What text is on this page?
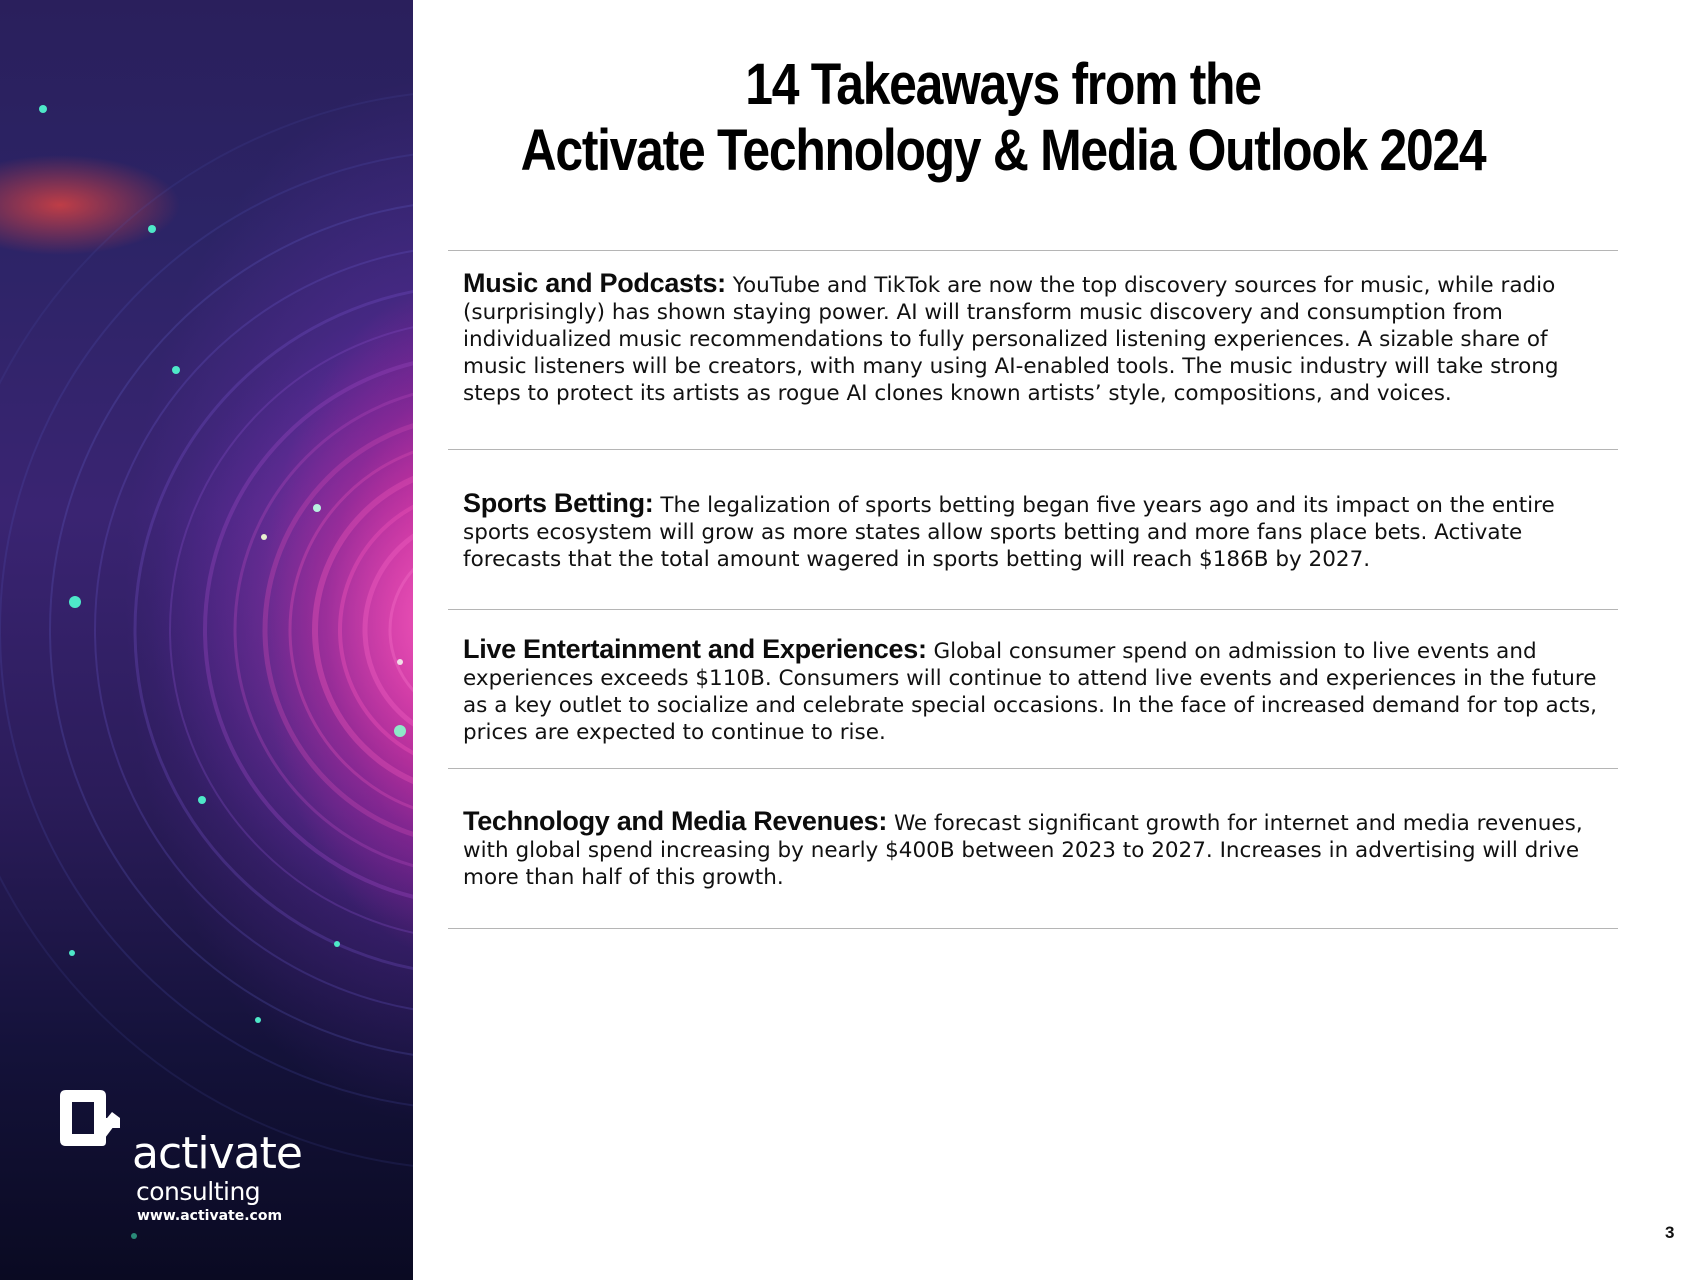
activate
consulting
www.activate.com
14 Takeaways from the
Activate Technology & Media Outlook 2024
Music and Podcasts: YouTube and TikTok are now the top discovery sources for music, while radio (surprisingly) has shown staying power. AI will transform music discovery and consumption from individualized music recommendations to fully personalized listening experiences. A sizable share of music listeners will be creators, with many using AI-enabled tools. The music industry will take strong steps to protect its artists as rogue AI clones known artists’ style, compositions, and voices.
Sports Betting: The legalization of sports betting began five years ago and its impact on the entire sports ecosystem will grow as more states allow sports betting and more fans place bets. Activate forecasts that the total amount wagered in sports betting will reach $186B by 2027.
Live Entertainment and Experiences: Global consumer spend on admission to live events and experiences exceeds $110B. Consumers will continue to attend live events and experiences in the future as a key outlet to socialize and celebrate special occasions. In the face of increased demand for top acts, prices are expected to continue to rise.
Technology and Media Revenues: We forecast significant growth for internet and media revenues, with global spend increasing by nearly $400B between 2023 to 2027. Increases in advertising will drive more than half of this growth.
3
